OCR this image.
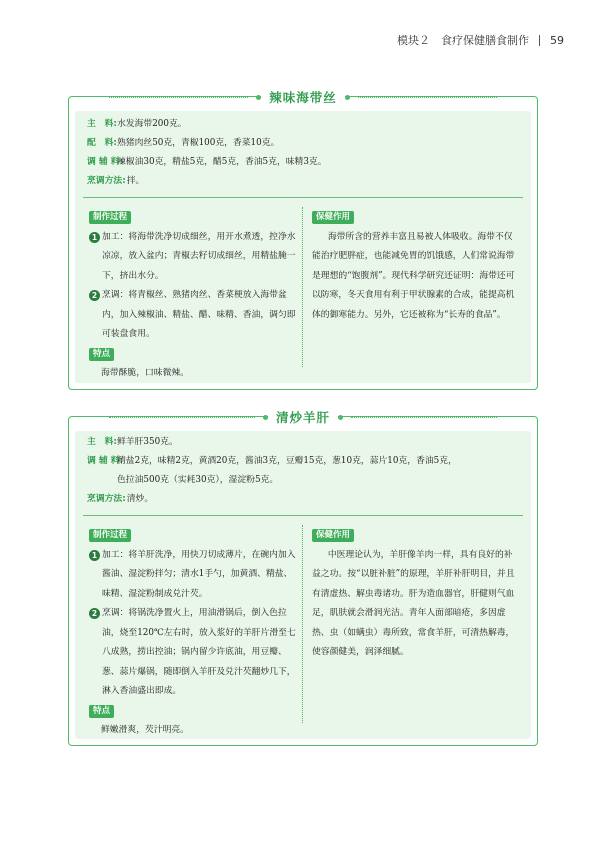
模块２　食疗保健膳食制作 59
辣味海带丝
主　料: 水发海带200克。
配　料: 熟猪肉丝50克，青椒100克，香菜10克。
调 辅 料:
辣椒油30克，精盐5克，醋5克，香油5克，味精3克。
烹调方法: 拌。
制作过程
1 加工：将海带洗净切成细丝，用开水煮透，控净水凉凉，放入盆内；青椒去籽切成细丝，用精盐腌一下，挤出水分。
2 烹调：将青椒丝、熟猪肉丝、香菜梗放入海带盆内，加入辣椒油、精盐、醋、味精、香油，调匀即可装盘食用。
特点
海带酥脆，口味微辣。
保健作用
海带所含的营养丰富且易被人体吸收。海带不仅能治疗肥胖症，也能减免胃的饥饿感，人们常说海带是理想的“饱腹剂”。现代科学研究还证明：海带还可以防寒，冬天食用有利于甲状腺素的合成，能提高机体的御寒能力。另外，它还被称为“长寿的食品”。
清炒羊肝
主　料: 鲜羊肝350克。
调 辅 料:
精盐2克，味精2克，黄酒20克，酱油3克，豆瓣15克，葱10克，蒜片10克，香油5克，
色拉油500克（实耗30克），湿淀粉5克。
烹调方法: 清炒。
制作过程
1 加工：将羊肝洗净，用快刀切成薄片，在碗内加入酱油、湿淀粉拌匀；清水1手勺，加黄酒、精盐、味精、湿淀粉制成兑汁芡。
2 烹调：将锅洗净置火上，用油滑锅后，倒入色拉油，烧至120℃左右时，放入浆好的羊肝片滑至七八成熟，捞出控油；锅内留少许底油，用豆瓣、葱、蒜片爆锅，随即倒入羊肝及兑汁芡翻炒几下，淋入香油盛出即成。
特点
鲜嫩滑爽，芡汁明亮。
保健作用
中医理论认为，羊肝像羊肉一样，具有良好的补益之功。按“以脏补脏”的原理，羊肝补肝明目，并且有清虚热、解虫毒诸功。肝为造血器官，肝健则气血足，肌肤就会滑润光洁。青年人面部暗疮，多因虚热、虫（如螨虫）毒所致，常食羊肝，可清热解毒，使容颜健美，润泽细腻。
